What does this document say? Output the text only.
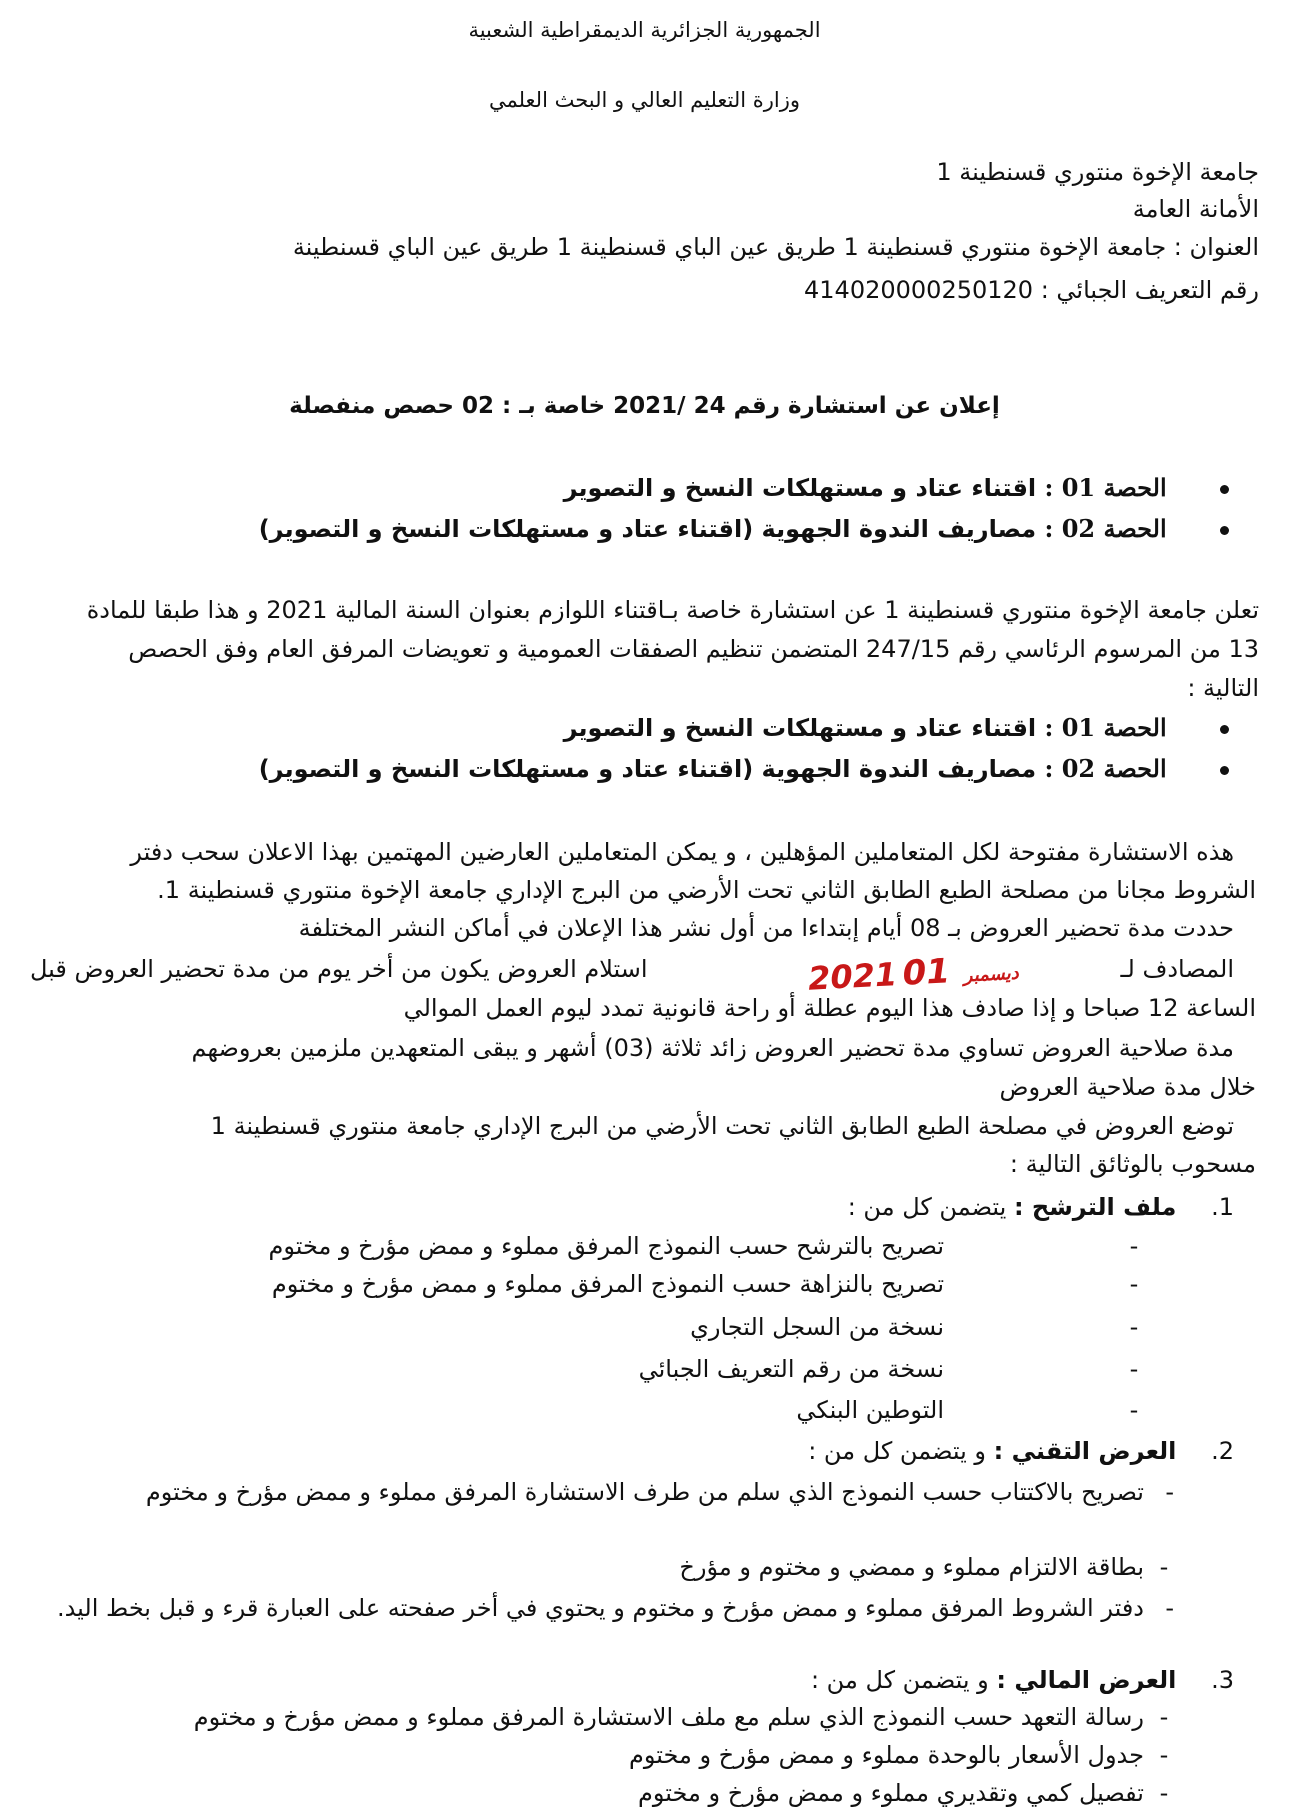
الجمهورية الجزائرية الديمقراطية الشعبية
وزارة التعليم العالي و البحث العلمي
جامعة الإخوة منتوري قسنطينة 1
الأمانة العامة
العنوان : جامعة الإخوة منتوري قسنطينة 1 طريق عين الباي قسنطينة 1 طريق عين الباي قسنطينة
رقم التعريف الجبائي : 414020000250120
إعلان عن استشارة رقم 24 /2021 خاصة بـ : 02 حصص منفصلة
الحصة 01 : اقتناء عتاد و مستهلكات النسخ و التصوير
الحصة 02 : مصاريف الندوة الجهوية (اقتناء عتاد و مستهلكات النسخ و التصوير)
تعلن جامعة الإخوة منتوري قسنطينة 1 عن استشارة خاصة بـاقتناء اللوازم بعنوان السنة المالية 2021 و هذا طبقا للمادة
13 من المرسوم الرئاسي رقم 247/15 المتضمن تنظيم الصفقات العمومية و تعويضات المرفق العام وفق الحصص
التالية :
الحصة 01 : اقتناء عتاد و مستهلكات النسخ و التصوير
الحصة 02 : مصاريف الندوة الجهوية (اقتناء عتاد و مستهلكات النسخ و التصوير)
هذه الاستشارة مفتوحة لكل المتعاملين المؤهلين ، و يمكن المتعاملين العارضين المهتمين بهذا الاعلان سحب دفتر
الشروط مجانا من مصلحة الطبع الطابق الثاني تحت الأرضي من البرج الإداري جامعة الإخوة منتوري قسنطينة 1.
حددت مدة تحضير العروض بـ 08 أيام إبتداءا من أول نشر هذا الإعلان في أماكن النشر المختلفة
المصادف لـ
استلام العروض يكون من أخر يوم من مدة تحضير العروض قبل	2021	ديسمبر 01
الساعة 12 صباحا و إذا صادف هذا اليوم عطلة أو راحة قانونية تمدد ليوم العمل الموالي
مدة صلاحية العروض تساوي مدة تحضير العروض زائد ثلاثة (03) أشهر و يبقى المتعهدين ملزمين بعروضهم
خلال مدة صلاحية العروض
توضع العروض في مصلحة الطبع الطابق الثاني تحت الأرضي من البرج الإداري جامعة منتوري قسنطينة 1
مسحوب بالوثائق التالية :
1. ملف الترشح : يتضمن كل من :
-
تصريح بالترشح حسب النموذج المرفق مملوء و ممض مؤرخ و مختوم
-
تصريح بالنزاهة حسب النموذج المرفق مملوء و ممض مؤرخ و مختوم
-
نسخة من السجل التجاري
-
نسخة من رقم التعريف الجبائي
-
التوطين البنكي
2. العرض التقني : و يتضمن كل من :
-
تصريح بالاكتتاب حسب النموذج الذي سلم من طرف الاستشارة المرفق مملوء و ممض مؤرخ و مختوم
-
بطاقة الالتزام مملوء و ممضي و مختوم و مؤرخ
-
دفتر الشروط المرفق مملوء و ممض مؤرخ و مختوم و يحتوي في أخر صفحته على العبارة قرء و قبل بخط اليد.
3. العرض المالي : و يتضمن كل من :
-
رسالة التعهد حسب النموذج الذي سلم مع ملف الاستشارة المرفق مملوء و ممض مؤرخ و مختوم
-
جدول الأسعار بالوحدة مملوء و ممض مؤرخ و مختوم
-
تفصيل كمي وتقديري مملوء و ممض مؤرخ و مختوم
